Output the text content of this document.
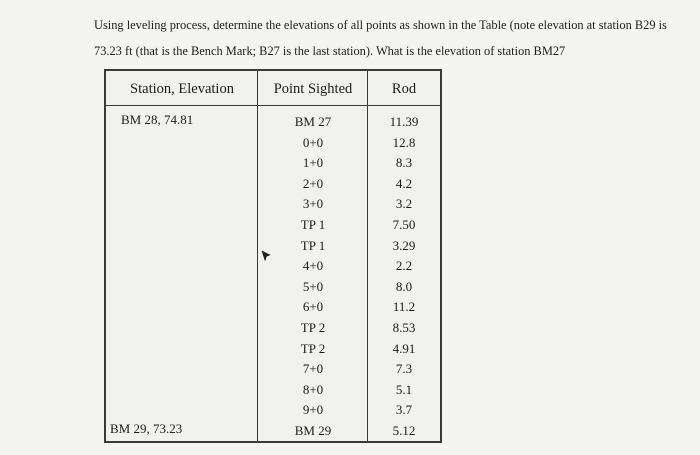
Using leveling process, determine the elevations of all points as shown in the Table (note elevation at station B29 is
73.23 ft (that is the Bench Mark; B27 is the last station). What is the elevation of station BM27
Station, Elevation	Point Sighted	Rod
BM 28, 74.81
BM 29, 73.23
BM 27
0+0
1+0
2+0
3+0
TP 1
TP 1
4+0
5+0
6+0
TP 2
TP 2
7+0
8+0
9+0
BM 29
11.39
12.8
8.3
4.2
3.2
7.50
3.29
2.2
8.0
11.2
8.53
4.91
7.3
5.1
3.7
5.12
